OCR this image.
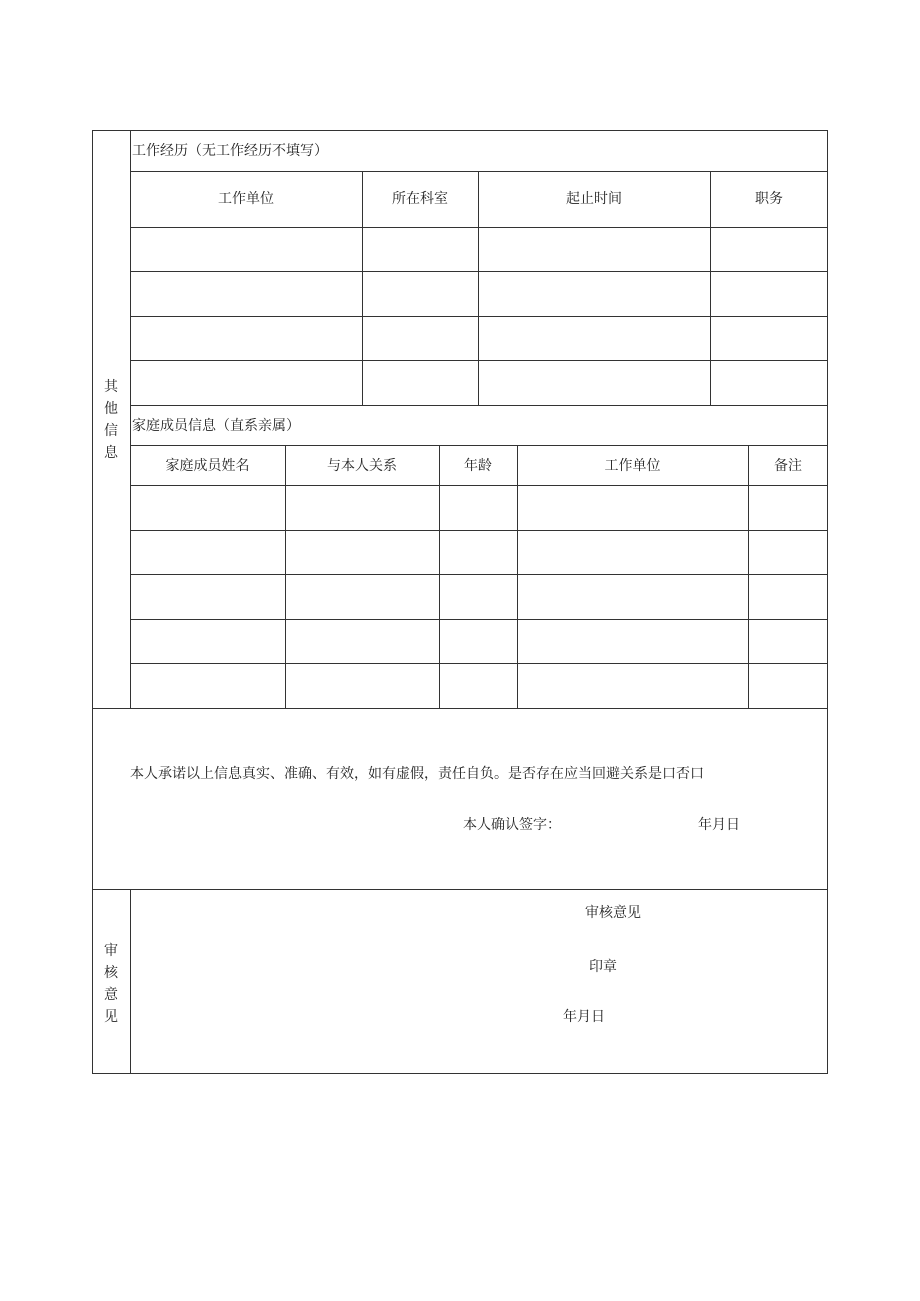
其
他
信
息
工作经历（无工作经历不填写）
工作单位	所在科室	起止时间	职务
家庭成员信息（直系亲属）
家庭成员姓名	与本人关系	年龄	工作单位	备注
本人承诺以上信息真实、准确、有效，如有虚假，责任自负。是否存在应当回避关系是口否口
本人确认签字：	年月日
审
核
意
见
审核意见
印章
年月日
